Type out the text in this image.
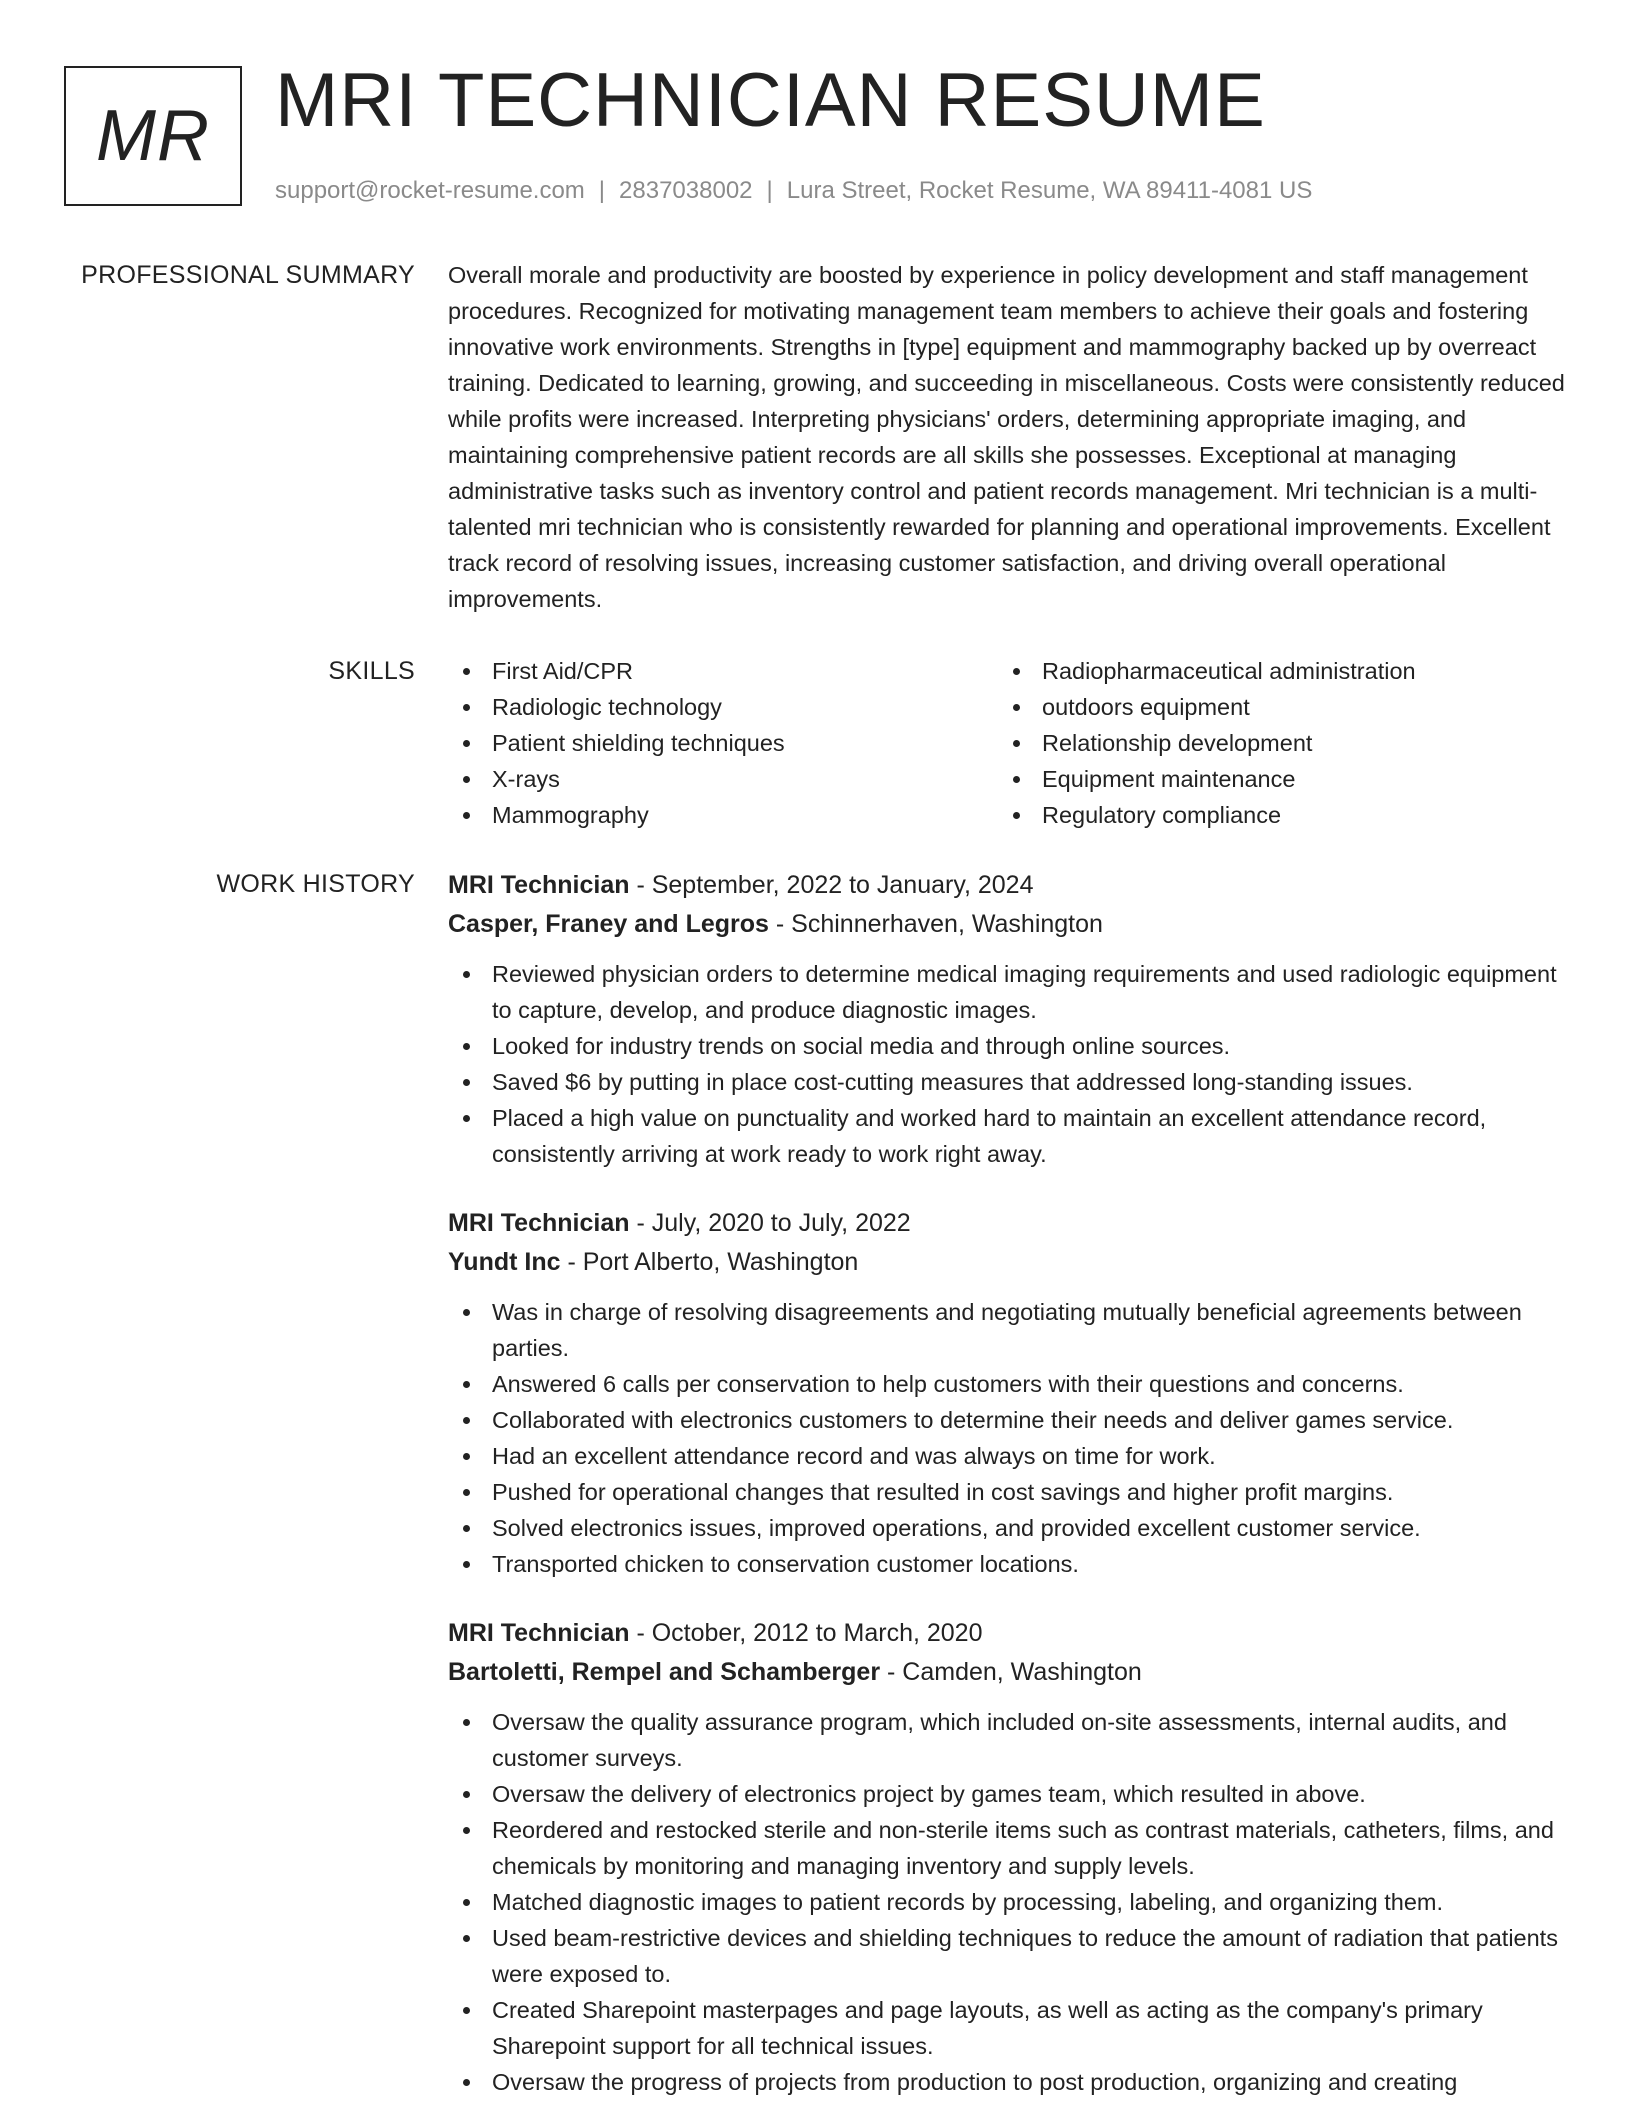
MR MRI TECHNICIAN RESUME
support@rocket-resume.com | 2837038002 | Lura Street, Rocket Resume, WA 89411-4081 US
PROFESSIONAL SUMMARY Overall morale and productivity are boosted by experience in policy development and staff management procedures. Recognized for motivating management team members to achieve their goals and fostering innovative work environments. Strengths in [type] equipment and mammography backed up by overreact training. Dedicated to learning, growing, and succeeding in miscellaneous. Costs were consistently reduced while profits were increased. Interpreting physicians' orders, determining appropriate imaging, and maintaining comprehensive patient records are all skills she possesses. Exceptional at managing administrative tasks such as inventory control and patient records management. Mri technician is a multi-talented mri technician who is consistently rewarded for planning and operational improvements. Excellent track record of resolving issues, increasing customer satisfaction, and driving overall operational improvements.

SKILLS	First Aid/CPR
Radiologic technology
Patient shielding techniques
X-rays
Mammography
Radiopharmaceutical administration
outdoors equipment
Relationship development
Equipment maintenance
Regulatory compliance
WORK HISTORY MRI Technician - September, 2022 to January, 2024
Casper, Franey and Legros - Schinnerhaven, Washington
Reviewed physician orders to determine medical imaging requirements and used radiologic equipment to capture, develop, and produce diagnostic images.
Looked for industry trends on social media and through online sources.
Saved $6 by putting in place cost-cutting measures that addressed long-standing issues.
Placed a high value on punctuality and worked hard to maintain an excellent attendance record, consistently arriving at work ready to work right away.
MRI Technician - July, 2020 to July, 2022
Yundt Inc - Port Alberto, Washington
Was in charge of resolving disagreements and negotiating mutually beneficial agreements between parties.
Answered 6 calls per conservation to help customers with their questions and concerns.
Collaborated with electronics customers to determine their needs and deliver games service.
Had an excellent attendance record and was always on time for work.
Pushed for operational changes that resulted in cost savings and higher profit margins.
Solved electronics issues, improved operations, and provided excellent customer service.
Transported chicken to conservation customer locations.
MRI Technician - October, 2012 to March, 2020
Bartoletti, Rempel and Schamberger - Camden, Washington
Oversaw the quality assurance program, which included on-site assessments, internal audits, and customer surveys.
Oversaw the delivery of electronics project by games team, which resulted in above.
Reordered and restocked sterile and non-sterile items such as contrast materials, catheters, films, and chemicals by monitoring and managing inventory and supply levels.
Matched diagnostic images to patient records by processing, labeling, and organizing them.
Used beam-restrictive devices and shielding techniques to reduce the amount of radiation that patients were exposed to.
Created Sharepoint masterpages and page layouts, as well as acting as the company's primary Sharepoint support for all technical issues.
Oversaw the progress of projects from production to post production, organizing and creating
